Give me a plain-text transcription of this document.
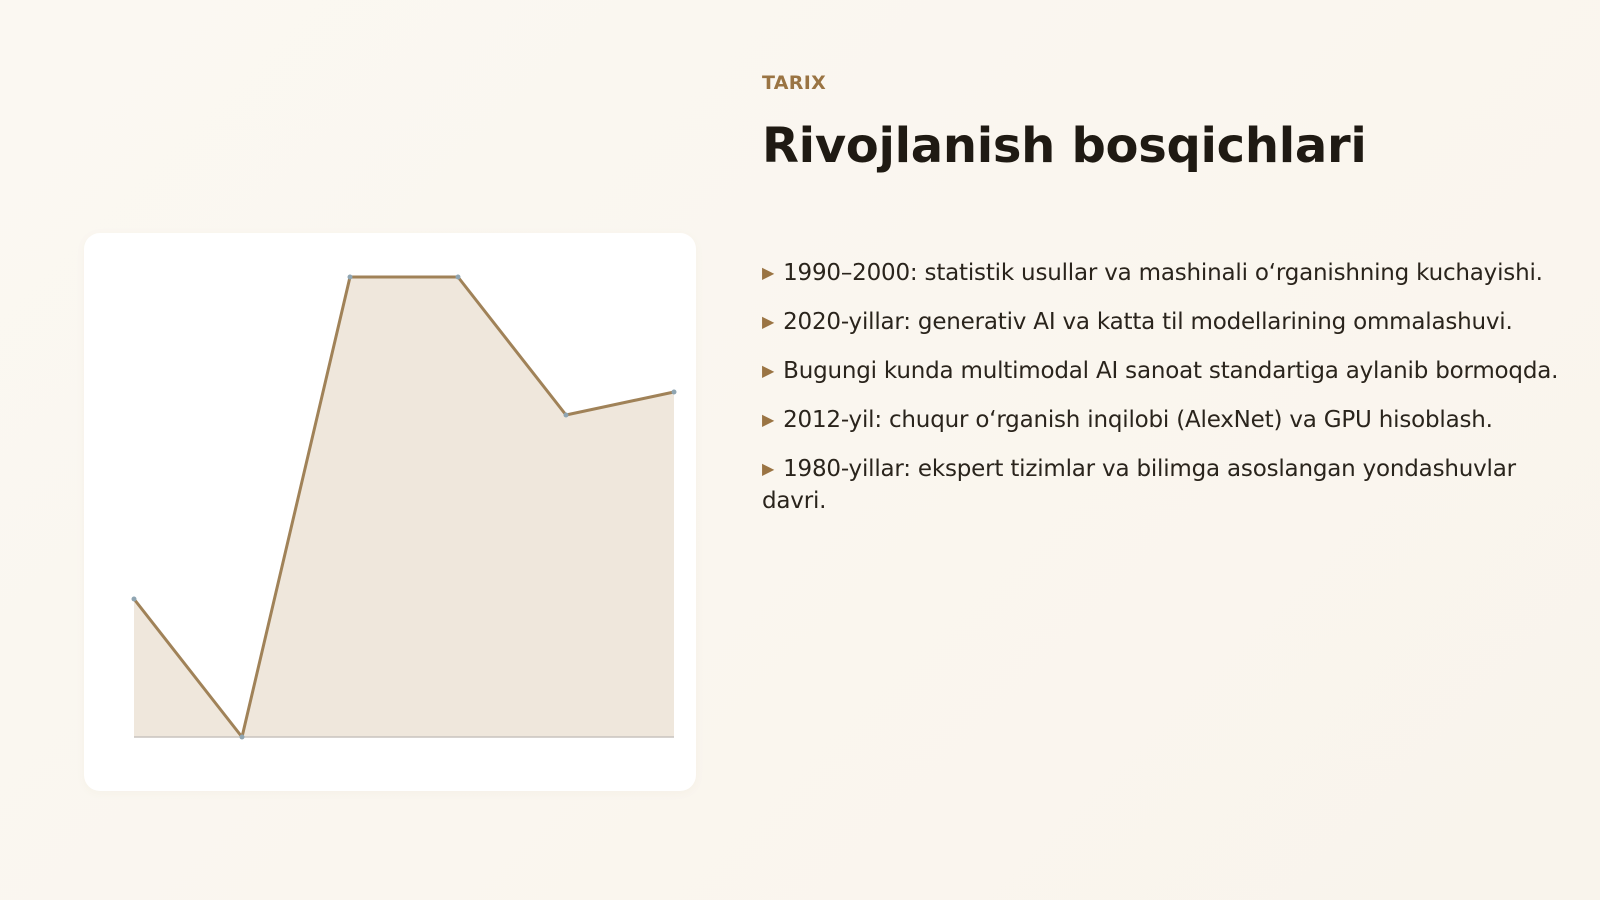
TARIX
Rivojlanish bosqichlari
▶ 1990–2000: statistik usullar va mashinali o‘rganishning kuchayishi.
▶ 2020-yillar: generativ AI va katta til modellarining ommalashuvi.
▶ Bugungi kunda multimodal AI sanoat standartiga aylanib bormoqda.
▶ 2012-yil: chuqur o‘rganish inqilobi (AlexNet) va GPU hisoblash.
▶ 1980-yillar: ekspert tizimlar va bilimga asoslangan yondashuvlar davri.
